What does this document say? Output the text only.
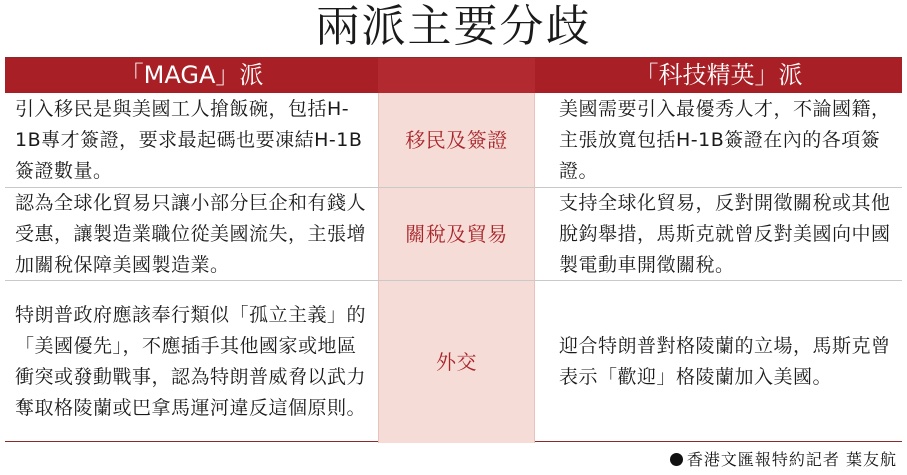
兩派主要分歧
「MAGA」派	「科技精英」派
引入移民是與美國工人搶飯碗，包括H-1B專才簽證，要求最起碼也要凍結H-1B簽證數量。
移民及簽證
美國需要引入最優秀人才，不論國籍，主張放寬包括H-1B簽證在內的各項簽證。
認為全球化貿易只讓小部分巨企和有錢人受惠，讓製造業職位從美國流失，主張增加關稅保障美國製造業。
關稅及貿易
支持全球化貿易，反對開徵關稅或其他脫鈎舉措，馬斯克就曾反對美國向中國製電動車開徵關稅。
特朗普政府應該奉行類似「孤立主義」的「美國優先」，不應插手其他國家或地區衝突或發動戰事，認為特朗普威脅以武力奪取格陵蘭或巴拿馬運河違反這個原則。
外交
迎合特朗普對格陵蘭的立場，馬斯克曾表示「歡迎」格陵蘭加入美國。
香港文匯報特約記者 葉友航
